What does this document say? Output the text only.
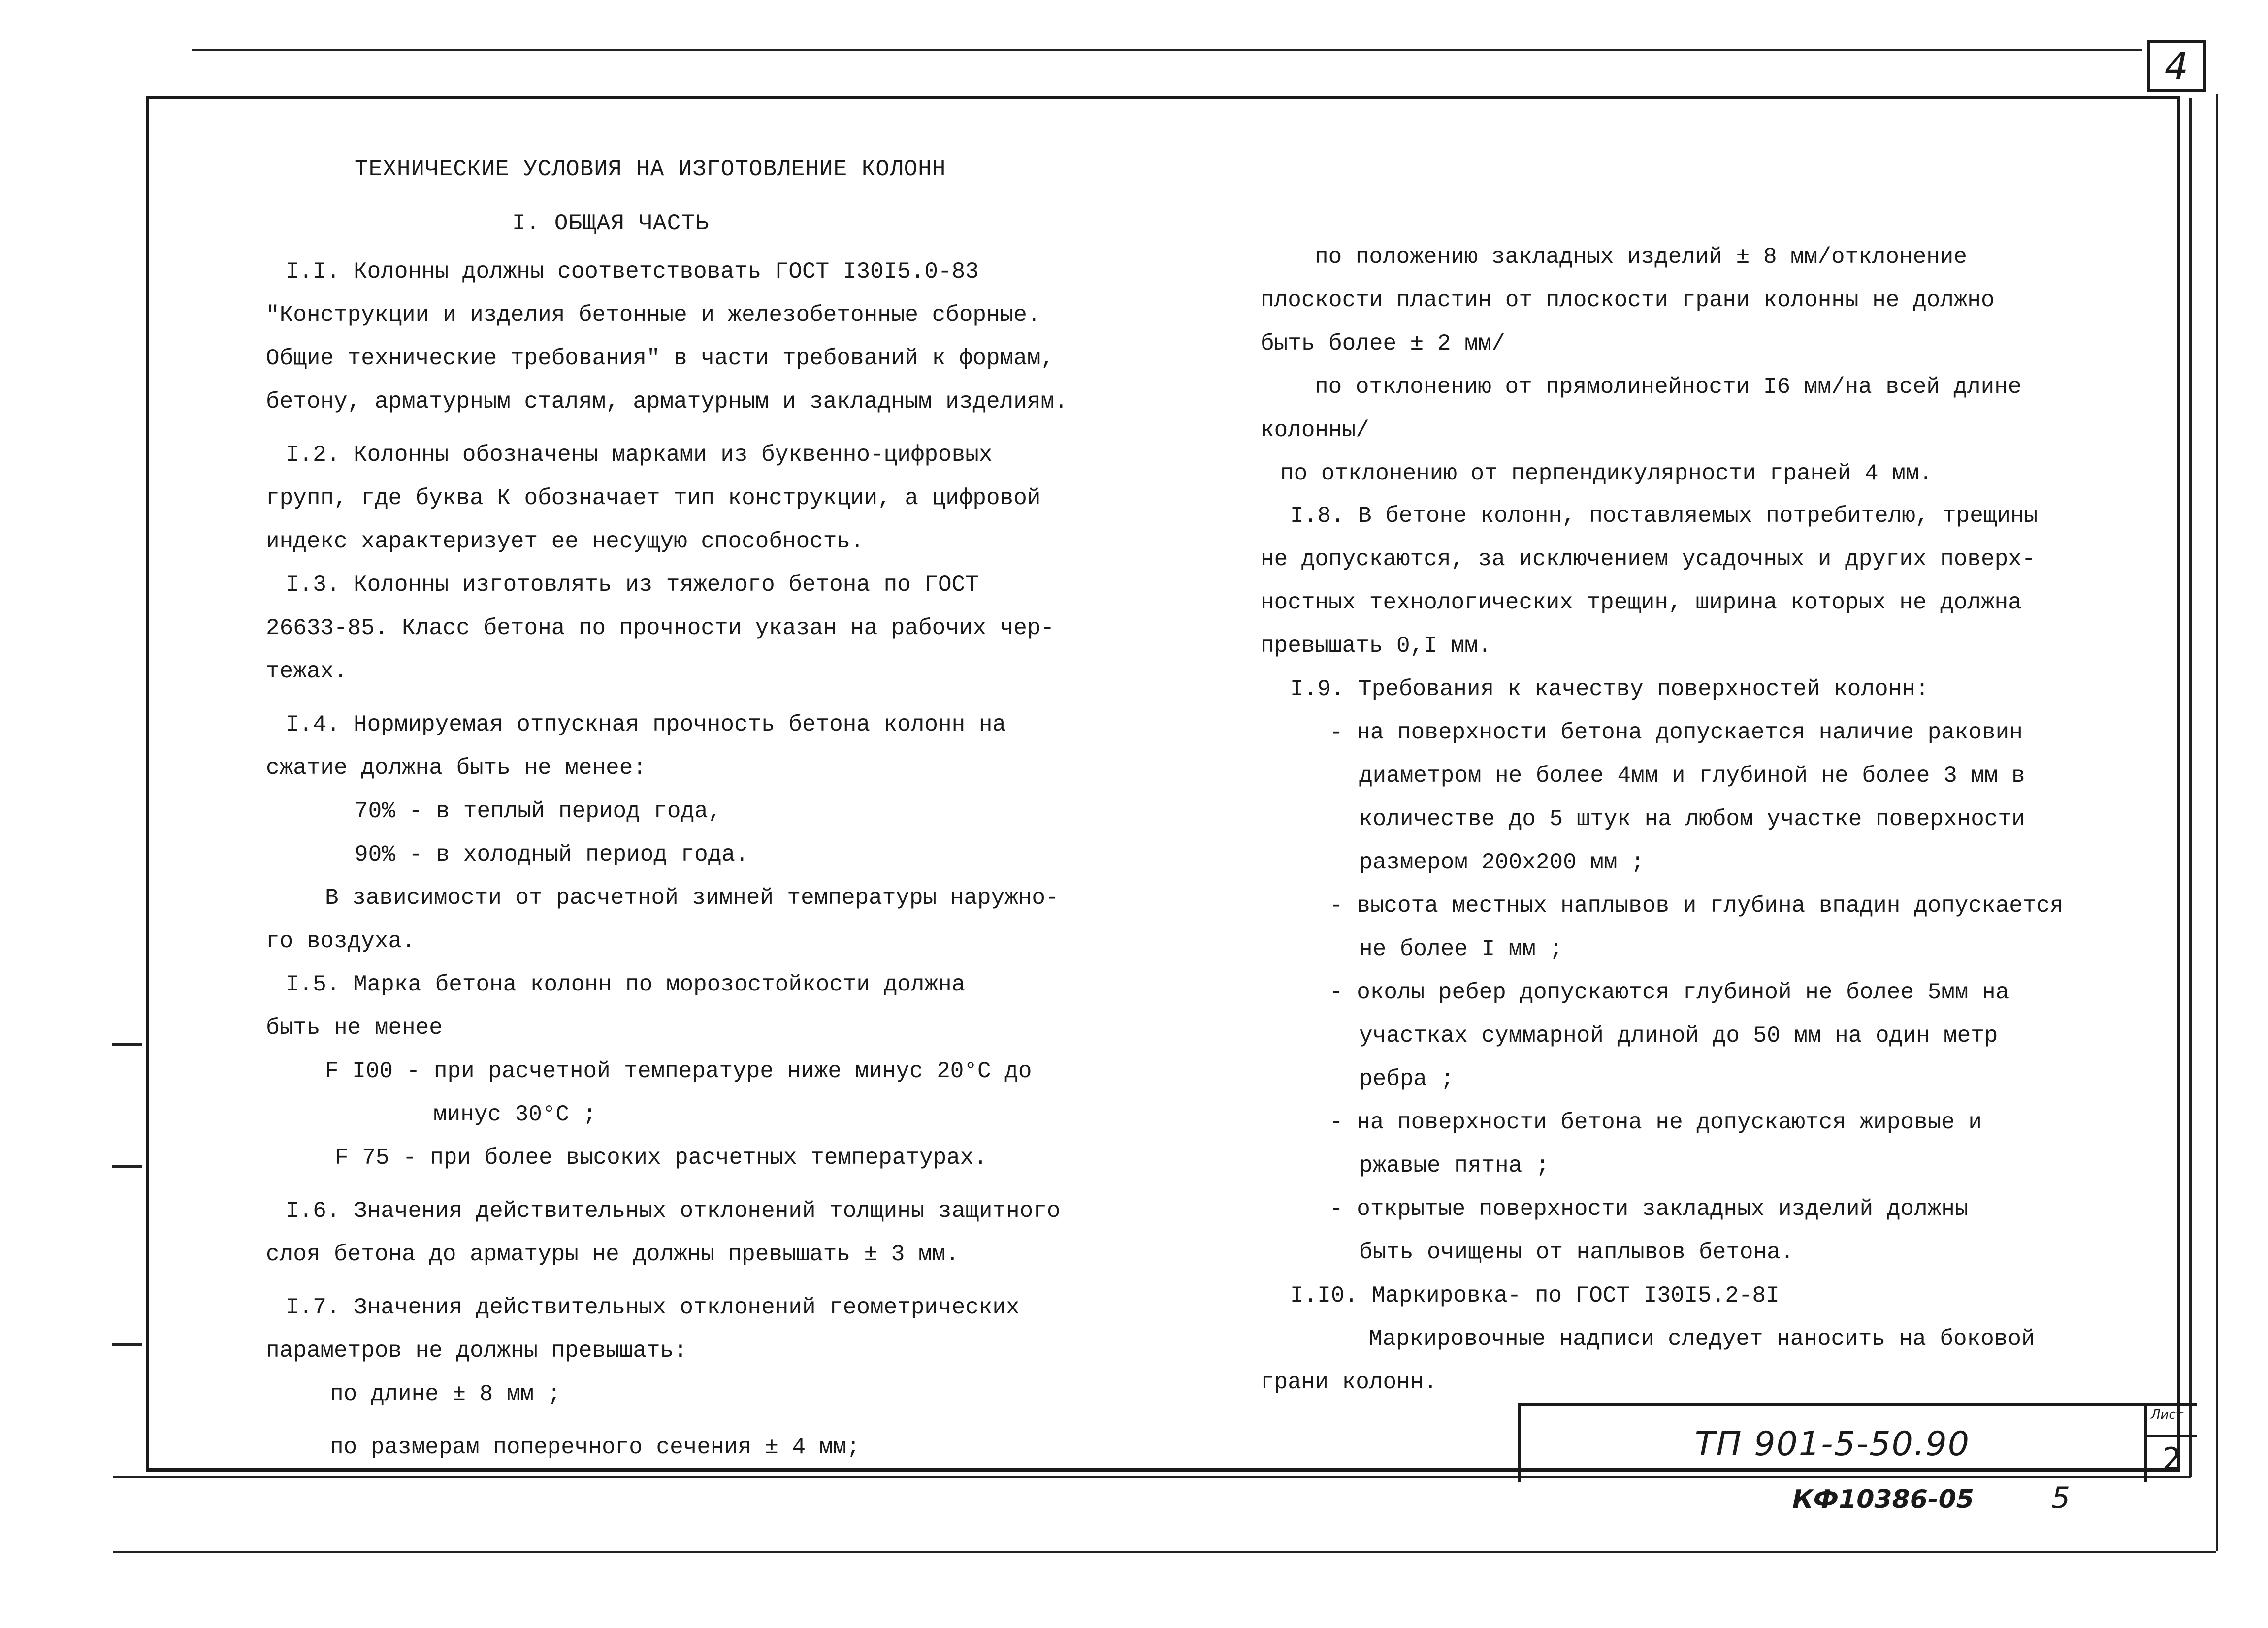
4
ТЕХНИЧЕСКИЕ УСЛОВИЯ НА ИЗГОТОВЛЕНИЕ КОЛОНН
I. ОБЩАЯ ЧАСТЬ
I.I. Колонны должны соответствовать ГОСТ I30I5.0-83
"Конструкции и изделия бетонные и железобетонные сборные.
Общие технические требования" в части требований к формам,
бетону, арматурным сталям, арматурным и закладным изделиям.
I.2. Колонны обозначены марками из буквенно-цифровых
групп, где буква К обозначает тип конструкции, а цифровой
индекс характеризует ее несущую способность.
I.3. Колонны изготовлять из тяжелого бетона по ГОСТ
26633-85. Класс бетона по прочности указан на рабочих чер-
тежах.
I.4. Нормируемая отпускная прочность бетона колонн на
сжатие должна быть не менее:
70% - в теплый период года,
90% - в холодный период года.
В зависимости от расчетной зимней температуры наружно-
го воздуха.
I.5. Марка бетона колонн по морозостойкости должна
быть не менее
F I00 - при расчетной температуре ниже минус 20°С до
минус 30°С ;
F 75 - при более высоких расчетных температурах.
I.6. Значения действительных отклонений толщины защитного
слоя бетона до арматуры не должны превышать ± 3 мм.
I.7. Значения действительных отклонений геометрических
параметров не должны превышать:
по длине ± 8 мм ;
по размерам поперечного сечения ± 4 мм;
по положению закладных изделий ± 8 мм/отклонение
плоскости пластин от плоскости грани колонны не должно
быть более ± 2 мм/
по отклонению от прямолинейности I6 мм/на всей длине
колонны/
по отклонению от перпендикулярности граней 4 мм.
I.8. В бетоне колонн, поставляемых потребителю, трещины
не допускаются, за исключением усадочных и других поверх-
ностных технологических трещин, ширина которых не должна
превышать 0,I мм.
I.9. Требования к качеству поверхностей колонн:
- на поверхности бетона допускается наличие раковин
диаметром не более 4мм и глубиной не более 3 мм в
количестве до 5 штук на любом участке поверхности
размером 200х200 мм ;
- высота местных наплывов и глубина впадин допускается
не более I мм ;
- околы ребер допускаются глубиной не более 5мм на
участках суммарной длиной до 50 мм на один метр
ребра ;
- на поверхности бетона не допускаются жировые и
ржавые пятна ;
- открытые поверхности закладных изделий должны
быть очищены от наплывов бетона.
I.I0. Маркировка- по ГОСТ I30I5.2-8I
Маркировочные надписи следует наносить на боковой
грани колонн.
ТП 901-5-50.90
Лист
2
КФ10386-05	5
